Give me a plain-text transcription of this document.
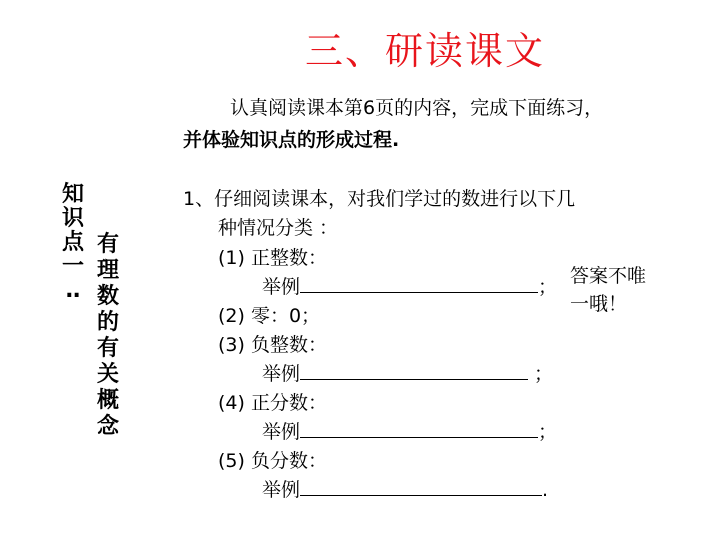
三、研读课文
认真阅读课本第6页的内容，完成下面练习，
并体验知识点的形成过程.
知
识
点
一
‥
有
理
数
的
有
关
概
念
1、仔细阅读课本，对我们学过的数进行以下几
种情况分类 ：
(1) 正整数：
举例	；
(2) 零：0；
(3) 负整数：
举例	；
(4) 正分数：
举例	；
(5) 负分数：
举例	.
答案不唯
一哦！
